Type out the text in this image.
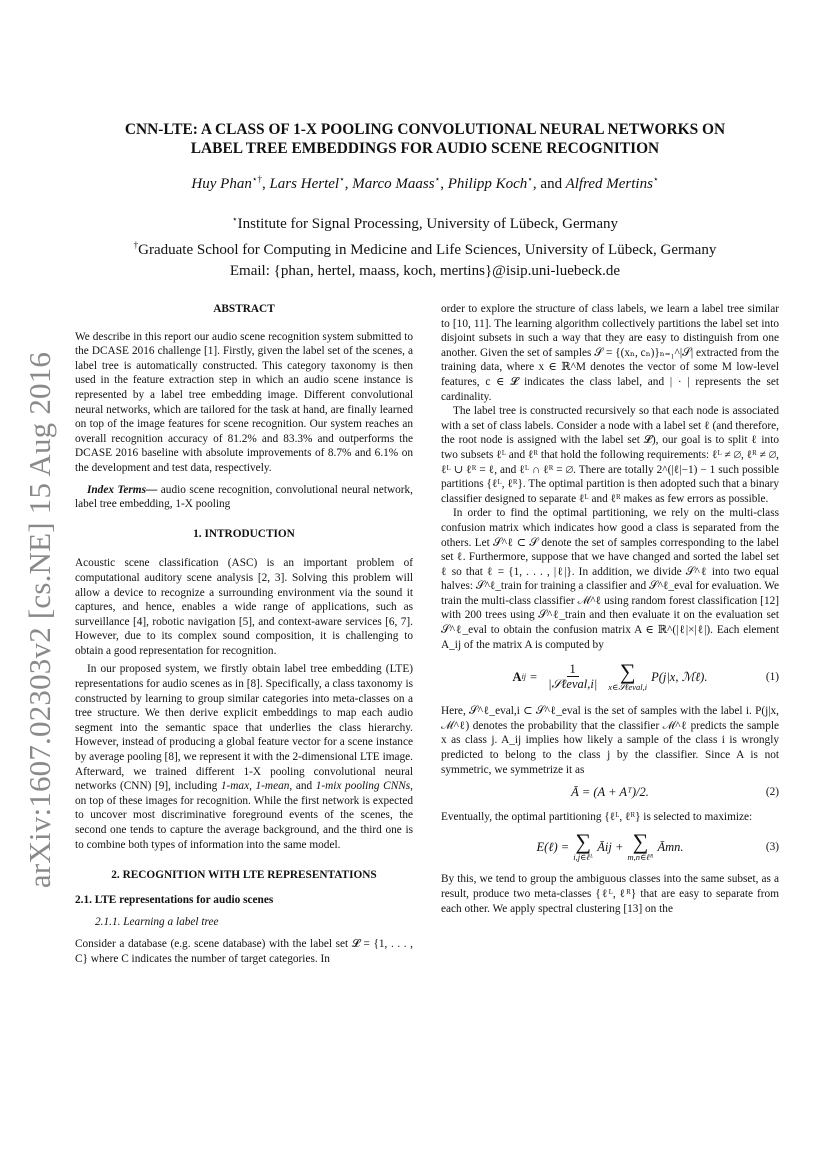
arXiv:1607.02303v2 [cs.NE] 15 Aug 2016
CNN-LTE: A CLASS OF 1-X POOLING CONVOLUTIONAL NEURAL NETWORKS ON
LABEL TREE EMBEDDINGS FOR AUDIO SCENE RECOGNITION
Huy Phan⋆†, Lars Hertel⋆, Marco Maass⋆, Philipp Koch⋆, and Alfred Mertins⋆
⋆Institute for Signal Processing, University of Lübeck, Germany
†Graduate School for Computing in Medicine and Life Sciences, University of Lübeck, Germany
Email: {phan, hertel, maass, koch, mertins}@isip.uni-luebeck.de
ABSTRACT

We describe in this report our audio scene recognition system submitted to the DCASE 2016 challenge [1]. Firstly, given the label set of the scenes, a label tree is automatically constructed. This category taxonomy is then used in the feature extraction step in which an audio scene instance is represented by a label tree embedding image. Different convolutional neural networks, which are tailored for the task at hand, are finally learned on top of the image features for scene recognition. Our system reaches an overall recognition accuracy of 81.2% and 83.3% and outperforms the DCASE 2016 baseline with absolute improvements of 8.7% and 6.1% on the development and test data, respectively.

Index Terms— audio scene recognition, convolutional neural network, label tree embedding, 1-X pooling

1. INTRODUCTION

Acoustic scene classification (ASC) is an important problem of computational auditory scene analysis [2, 3]. Solving this problem will allow a device to recognize a surrounding environment via the sound it captures, and hence, enables a wide range of applications, such as surveillance [4], robotic navigation [5], and context-aware services [6, 7]. However, due to its complex sound composition, it is challenging to obtain a good representation for recognition.

In our proposed system, we firstly obtain label tree embedding (LTE) representations for audio scenes as in [8]. Specifically, a class taxonomy is constructed by learning to group similar categories into meta-classes on a tree structure. We then derive explicit embeddings to map each audio segment into the semantic space that underlies the class hierarchy. However, instead of producing a global feature vector for a scene instance by average pooling [8], we represent it with the 2-dimensional LTE image. Afterward, we trained different 1-X pooling convolutional neural networks (CNN) [9], including 1-max, 1-mean, and 1-mix pooling CNNs, on top of these images for recognition. While the first network is expected to uncover most discriminative foreground events of the scenes, the second one tends to capture the average background, and the third one is to combine both types of information into the same model.

2. RECOGNITION WITH LTE REPRESENTATIONS
2.1. LTE representations for audio scenes
2.1.1. Learning a label tree

Consider a database (e.g. scene database) with the label set 𝓛 = {1, . . . , C} where C indicates the number of target categories. In

order to explore the structure of class labels, we learn a label tree similar to [10, 11]. The learning algorithm collectively partitions the label set into disjoint subsets in such a way that they are easy to distinguish from one another. Given the set of samples 𝒮 = {(xₙ, cₙ)}ₙ₌₁^|𝒮| extracted from the training data, where x ∈ ℝ^M denotes the vector of some M low-level features, c ∈ 𝓛 indicates the class label, and | · | represents the set cardinality.

The label tree is constructed recursively so that each node is associated with a set of class labels. Consider a node with a label set ℓ (and therefore, the root node is assigned with the label set 𝓛), our goal is to split ℓ into two subsets ℓᴸ and ℓᴿ that hold the following requirements: ℓᴸ ≠ ∅, ℓᴿ ≠ ∅, ℓᴸ ∪ ℓᴿ = ℓ, and ℓᴸ ∩ ℓᴿ = ∅. There are totally 2^(|ℓ|−1) − 1 such possible partitions {ℓᴸ, ℓᴿ}. The optimal partition is then adopted such that a binary classifier designed to separate ℓᴸ and ℓᴿ makes as few errors as possible.

In order to find the optimal partitioning, we rely on the multi-class confusion matrix which indicates how good a class is separated from the others. Let 𝒮^ℓ ⊂ 𝒮 denote the set of samples corresponding to the label set ℓ. Furthermore, suppose that we have changed and sorted the label set ℓ so that ℓ = {1, . . . , |ℓ|}. In addition, we divide 𝒮^ℓ into two equal halves: 𝒮^ℓ_train for training a classifier and 𝒮^ℓ_eval for evaluation. We train the multi-class classifier ℳ^ℓ using random forest classification [12] with 200 trees using 𝒮^ℓ_train and then evaluate it on the evaluation set 𝒮^ℓ_eval to obtain the confusion matrix A ∈ ℝ^(|ℓ|×|ℓ|). Each element A_ij of the matrix A is computed by

A ij = $\frac{1}{\text{|𝒮ℓeval,i|}}$ ∑
x∈𝒮ℓeval,i
P(j|x, ℳℓ).	(1)

Here, 𝒮^ℓ_eval,i ⊂ 𝒮^ℓ_eval is the set of samples with the label i. P(j|x, ℳ^ℓ) denotes the probability that the classifier ℳ^ℓ predicts the sample x as class j. A_ij implies how likely a sample of the class i is wrongly predicted to belong to the class j by the classifier. Since A is not symmetric, we symmetrize it as

Ā = (A + Aᵀ)/2.	(2)

Eventually, the optimal partitioning {ℓᴸ, ℓᴿ} is selected to maximize:

E(ℓ) = ∑
i,j∈ℓᴸ
Āij + ∑
m,n∈ℓᴿ
Āmn.	(3)

By this, we tend to group the ambiguous classes into the same subset, as a result, produce two meta-classes {ℓᴸ, ℓᴿ} that are easy to separate from each other. We apply spectral clustering [13] on the
